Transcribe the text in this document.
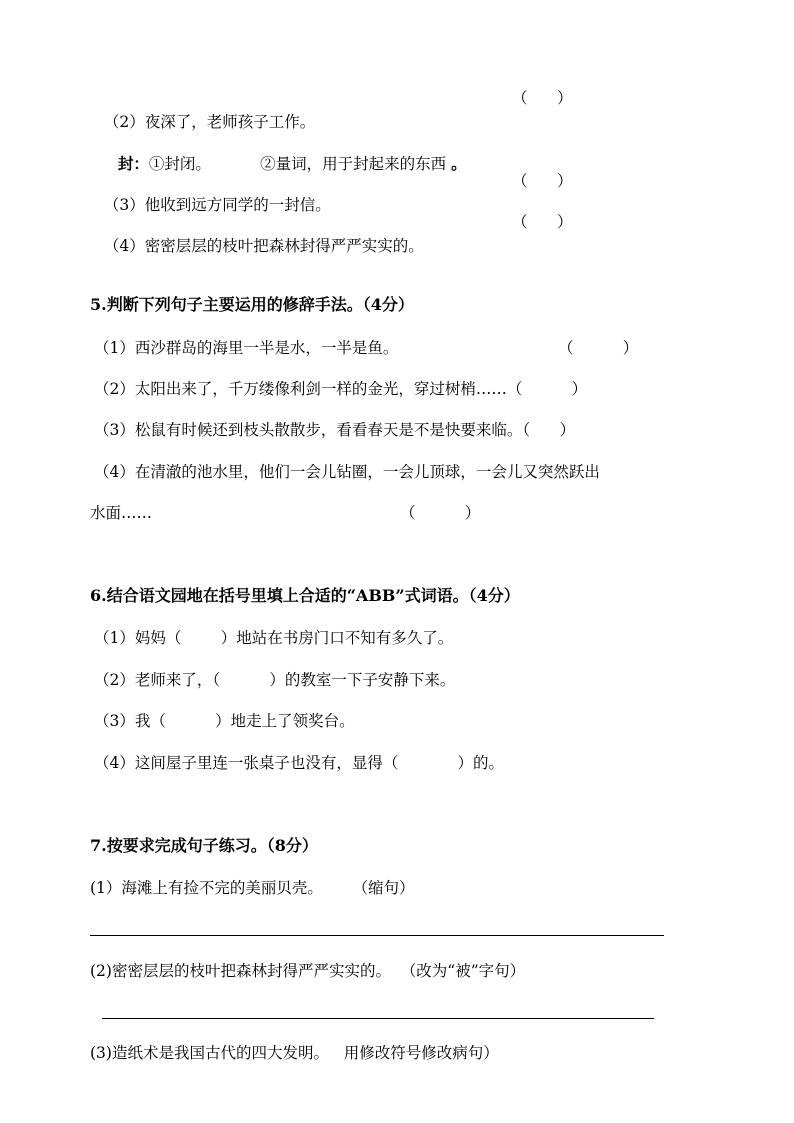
（2）夜深了，老师孩子工作。

（      ）

封：①封闭。          ②量词，用于封起来的东西 。

（3）他收到远方同学的一封信。

（      ）

（4）密密层层的枝叶把森林封得严严实实的。

（      ）
5.判断下列句子主要运用的修辞手法。（4分）
（1）西沙群岛的海里一半是水，一半是鱼。	（          ）
（2）太阳出来了，千万缕像利剑一样的金光，穿过树梢……（          ）
（3）松鼠有时候还到枝头散散步，看看春天是不是快要来临。（      ）
（4）在清澈的池水里，他们一会儿钻圈，一会儿顶球，一会儿又突然跃出
水面……	（          ）
6.结合语文园地在括号里填上合适的“ABB”式词语。（4分）
（1）妈妈（        ）地站在书房门口不知有多久了。
（2）老师来了，（          ）的教室一下子安静下来。
（3）我（          ）地走上了领奖台。
（4）这间屋子里连一张桌子也没有，显得（            ）的。
7.按要求完成句子练习。（8分）
(1）海滩上有捡不完的美丽贝壳。      （缩句）
(2)密密层层的枝叶把森林封得严严实实的。  （改为“被”字句）
(3)造纸术是我国古代的四大发明。   用修改符号修改病句）
